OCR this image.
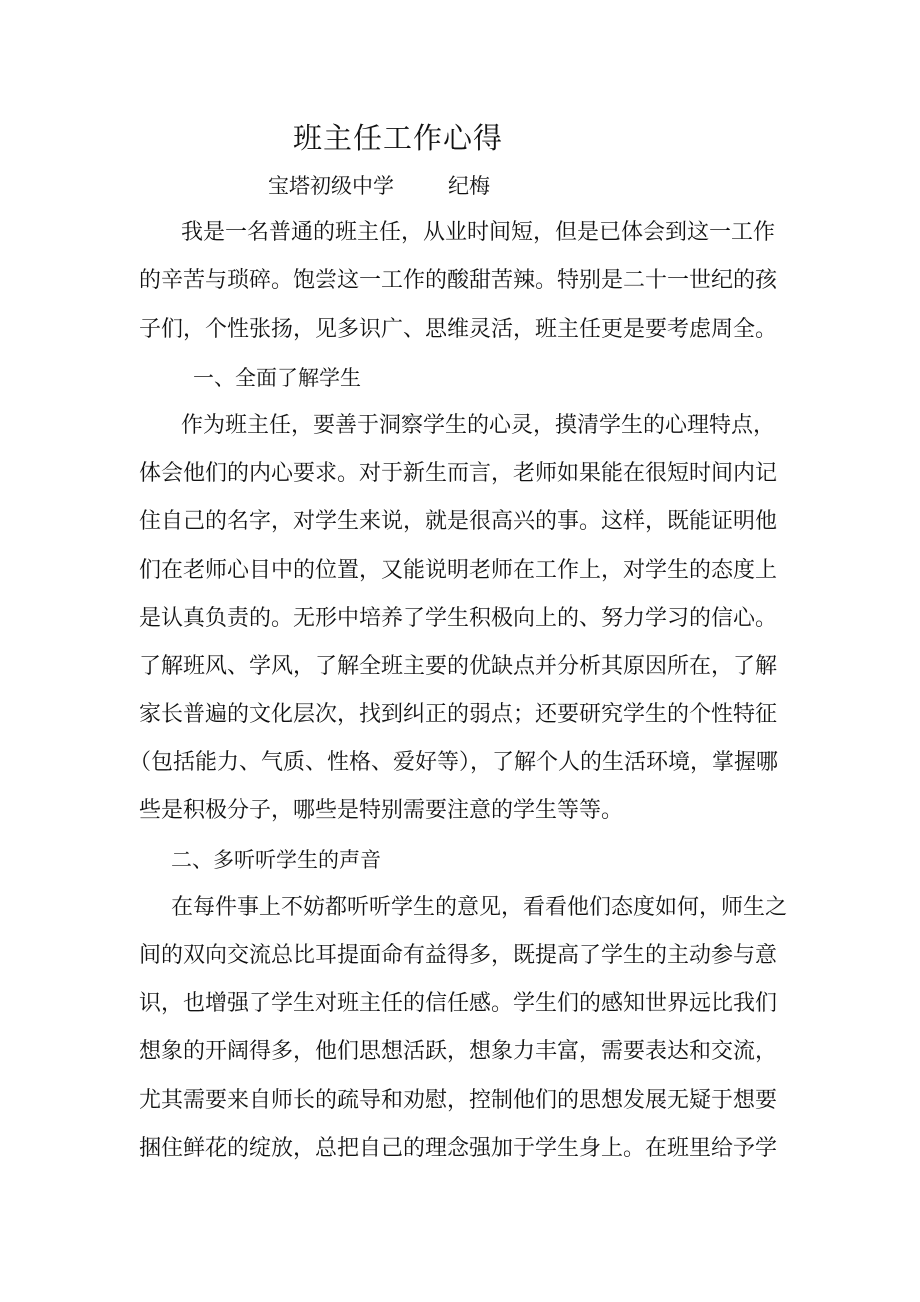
班主任工作心得
宝塔初级中学	纪梅
我是一名普通的班主任，从业时间短，但是已体会到这一工作
的辛苦与琐碎。饱尝这一工作的酸甜苦辣。特别是二十一世纪的孩
子们，个性张扬，见多识广、思维灵活，班主任更是要考虑周全。
一、全面了解学生
作为班主任，要善于洞察学生的心灵，摸清学生的心理特点，
体会他们的内心要求。对于新生而言，老师如果能在很短时间内记
住自己的名字，对学生来说，就是很高兴的事。这样，既能证明他
们在老师心目中的位置，又能说明老师在工作上，对学生的态度上
是认真负责的。无形中培养了学生积极向上的、努力学习的信心。
了解班风、学风，了解全班主要的优缺点并分析其原因所在，了解
家长普遍的文化层次，找到纠正的弱点；还要研究学生的个性特征
（包括能力、气质、性格、爱好等），了解个人的生活环境，掌握哪
些是积极分子，哪些是特别需要注意的学生等等。
二、多听听学生的声音
在每件事上不妨都听听学生的意见，看看他们态度如何，师生之
间的双向交流总比耳提面命有益得多，既提高了学生的主动参与意
识，也增强了学生对班主任的信任感。学生们的感知世界远比我们
想象的开阔得多，他们思想活跃，想象力丰富，需要表达和交流，
尤其需要来自师长的疏导和劝慰，控制他们的思想发展无疑于想要
捆住鲜花的绽放，总把自己的理念强加于学生身上。在班里给予学
